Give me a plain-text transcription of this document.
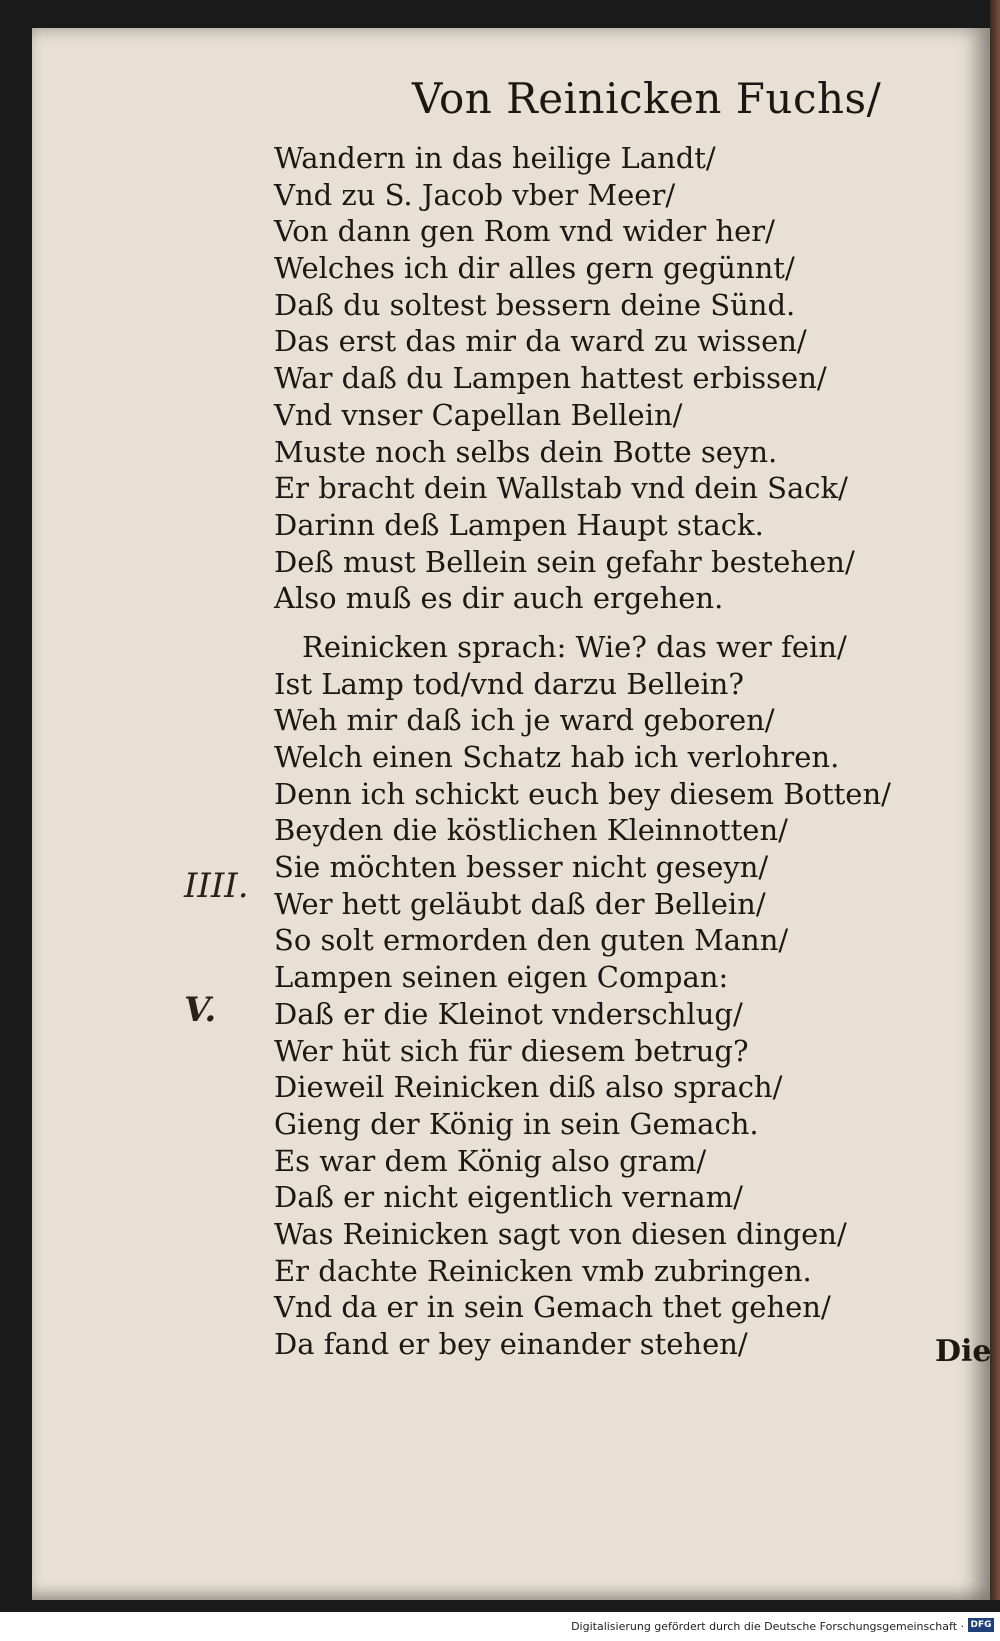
Von Reinicken Fuchs/
Wandern in das heilige Landt/
Vnd zu S. Jacob vber Meer/
Von dann gen Rom vnd wider her/
Welches ich dir alles gern gegünnt/
Daß du soltest bessern deine Sünd.
Das erst das mir da ward zu wissen/
War daß du Lampen hattest erbissen/
Vnd vnser Capellan Bellein/
Muste noch selbs dein Botte seyn.
Er bracht dein Wallstab vnd dein Sack/
Darinn deß Lampen Haupt stack.
Deß must Bellein sein gefahr bestehen/
Also muß es dir auch ergehen.
Reinicken sprach: Wie? das wer fein/
Ist Lamp tod/vnd darzu Bellein?
Weh mir daß ich je ward geboren/
Welch einen Schatz hab ich verlohren.
Denn ich schickt euch bey diesem Botten/
Beyden die köstlichen Kleinnotten/
Sie möchten besser nicht geseyn/
Wer hett geläubt daß der Bellein/
So solt ermorden den guten Mann/
Lampen seinen eigen Compan:
Daß er die Kleinot vnderschlug/
Wer hüt sich für diesem betrug?
Dieweil Reinicken diß also sprach/
Gieng der König in sein Gemach.
Es war dem König also gram/
Daß er nicht eigentlich vernam/
Was Reinicken sagt von diesen dingen/
Er dachte Reinicken vmb zubringen.
Vnd da er in sein Gemach thet gehen/
Da fand er bey einander stehen/
IIII.
V.
Die
Digitalisierung gefördert durch die Deutsche Forschungsgemeinschaft · DFG
